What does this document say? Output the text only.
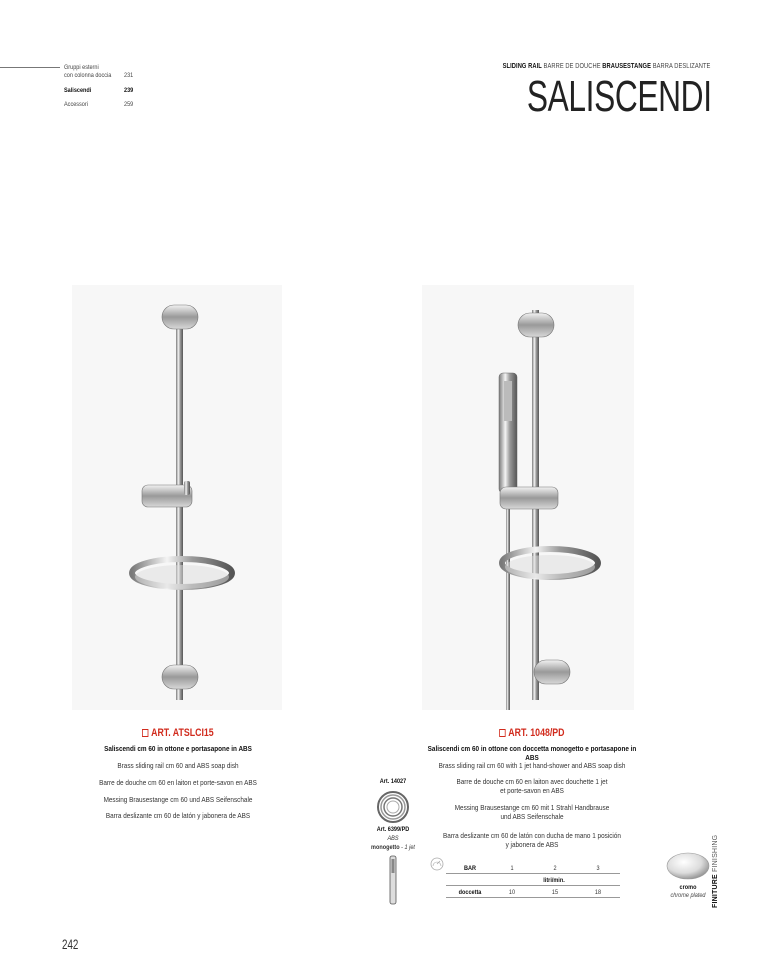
Gruppi esterni
con colonna doccia 231
Saliscendi	239
Accessori	259
SLIDING RAIL BARRE DE DOUCHE BRAUSESTANGE BARRA DESLIZANTE
SALISCENDI
ART. ATSLCI15
Saliscendi cm 60 in ottone e portasapone in ABS
Brass sliding rail cm 60 and ABS soap dish
Barre de douche cm 60 en laiton et porte-savon en ABS
Messing Brausestange cm 60 und ABS Seifenschale
Barra deslizante cm 60 de latón y jabonera de ABS
ART. 1048/PD
Saliscendi cm 60 in ottone con doccetta monogetto e portasapone in ABS
Brass sliding rail cm 60 with 1 jet hand-shower and ABS soap dish
Barre de douche cm 60 en laiton avec douchette 1 jet
et porte-savon en ABS
Messing Brausestange cm 60 mit 1 Strahl Handbrause
und ABS Seifenschale
Barra deslizante cm 60 de latón con ducha de mano 1 posición
y jabonera de ABS
Art. 14027
Art. 6399/PD
ABS
monogetto - 1 jet
BAR	1	2	3
litri/min.
doccetta	10	15	18
cromo
chrome plated FINITURE FINISHING
242
